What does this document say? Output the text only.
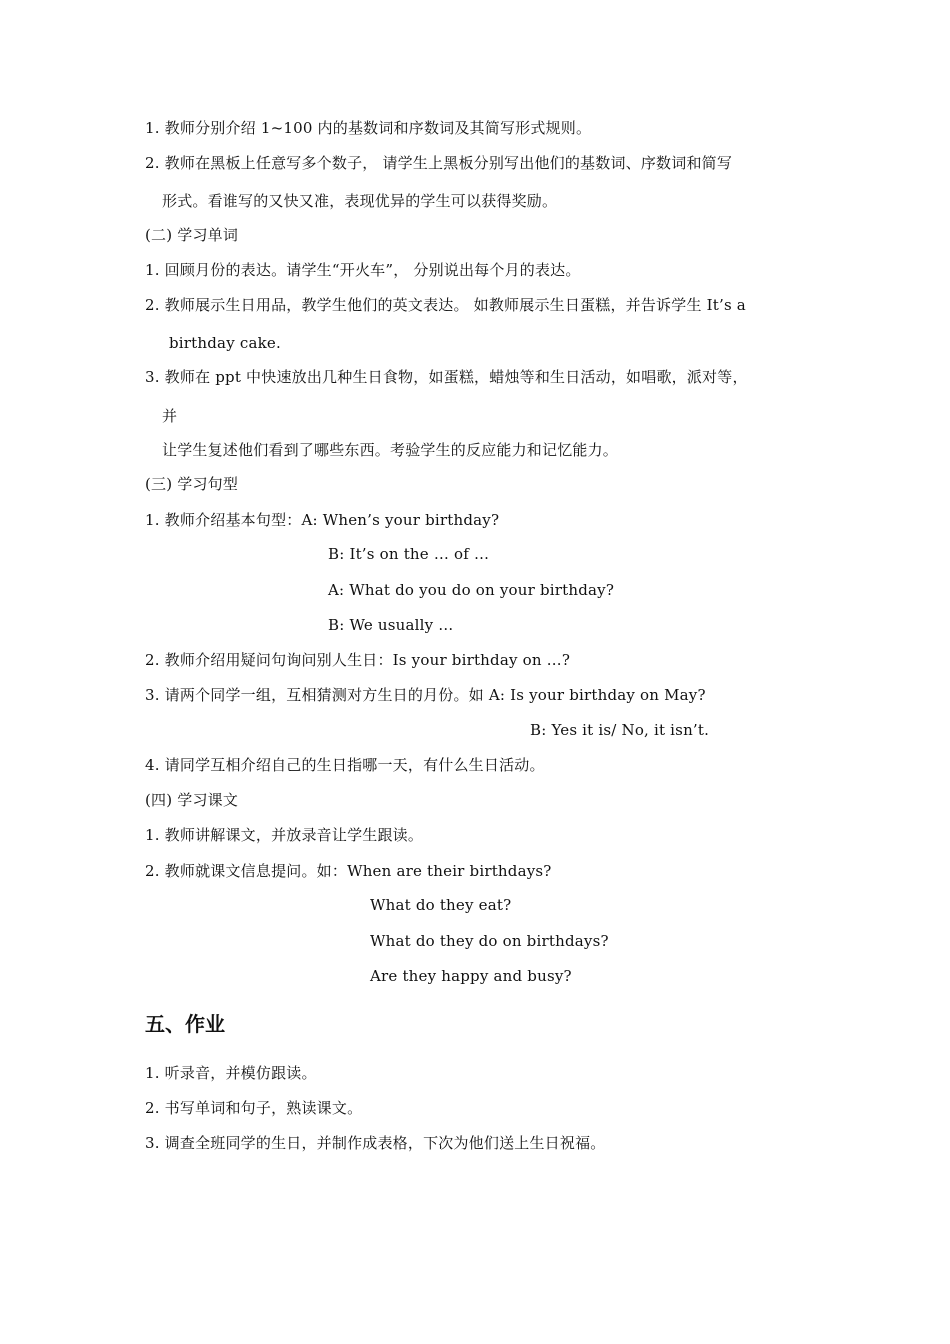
1. 教师分别介绍 1~100 内的基数词和序数词及其简写形式规则。
2. 教师在黑板上任意写多个数子， 请学生上黑板分别写出他们的基数词、序数词和简写
形式。看谁写的又快又准，表现优异的学生可以获得奖励。
(二) 学习单词
1. 回顾月份的表达。请学生“开火车”， 分别说出每个月的表达。
2. 教师展示生日用品，教学生他们的英文表达。 如教师展示生日蛋糕，并告诉学生 It’s a
birthday cake.
3. 教师在 ppt 中快速放出几种生日食物，如蛋糕，蜡烛等和生日活动，如唱歌，派对等，
并
让学生复述他们看到了哪些东西。考验学生的反应能力和记忆能力。
(三) 学习句型
1. 教师介绍基本句型：A: When’s your birthday?
B: It’s on the … of …
A: What do you do on your birthday?
B: We usually …
2. 教师介绍用疑问句询问别人生日：Is your birthday on …?
3. 请两个同学一组，互相猜测对方生日的月份。如 A: Is your birthday on May?
B: Yes it is/ No, it isn’t.
4. 请同学互相介绍自己的生日指哪一天，有什么生日活动。
(四) 学习课文
1. 教师讲解课文，并放录音让学生跟读。
2. 教师就课文信息提问。如：When are their birthdays?
What do they eat?
What do they do on birthdays?
Are they happy and busy?
五、作业
1. 听录音，并模仿跟读。
2. 书写单词和句子，熟读课文。
3. 调查全班同学的生日，并制作成表格，下次为他们送上生日祝福。
